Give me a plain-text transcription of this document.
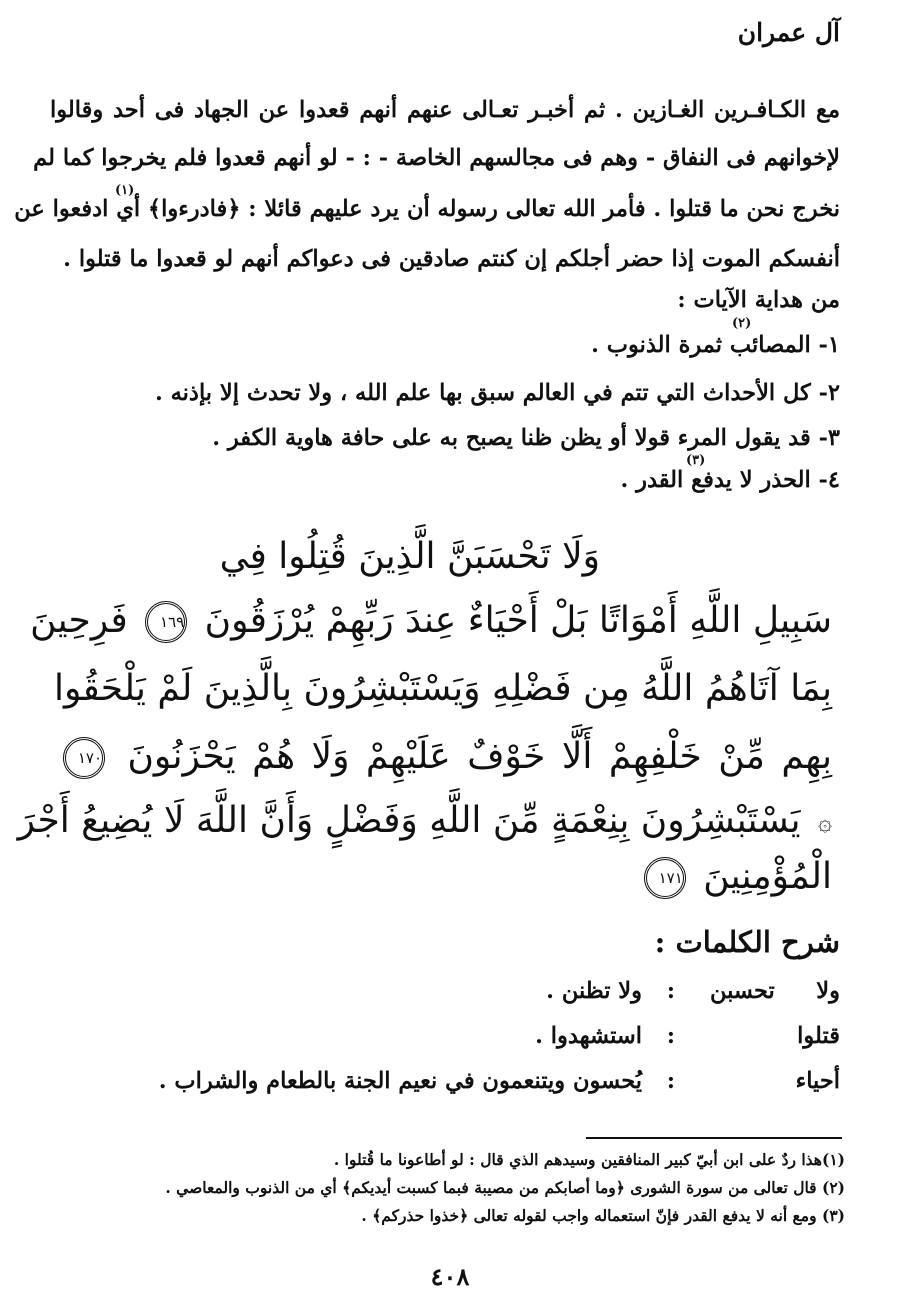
آل عمران
مع الكـافـرين الغـازين . ثم أخبـر تعـالى عنهم أنهم قعدوا عن الجهاد فى أحد وقالوا
لإخوانهم فى النفاق - وهم فى مجالسهم الخاصة - : - لو أنهم قعدوا فلم يخرجوا كما لم
(١)
نخرج نحن ما قتلوا . فأمر الله تعالى رسوله أن يرد عليهم قائلا : ﴿فادرءوا﴾ أي ادفعوا عن
أنفسكم الموت إذا حضر أجلكم إن كنتم صادقين فى دعواكم أنهم لو قعدوا ما قتلوا .
من هداية الآيات :
(٢)
١- المصائب ثمرة الذنوب .
٢- كل الأحداث التي تتم في العالم سبق بها علم الله ، ولا تحدث إلا بإذنه .
٣- قد يقول المرء قولا أو يظن ظنا يصبح به على حافة هاوية الكفر .
(٣)
٤- الحذر لا يدفع القدر .
وَلَا تَحْسَبَنَّ الَّذِينَ قُتِلُوا فِي
سَبِيلِ اللَّهِ أَمْوَاتًا بَلْ أَحْيَاءٌ عِندَ رَبِّهِمْ يُرْزَقُونَ ١٦٩ فَرِحِينَ
بِمَا آتَاهُمُ اللَّهُ مِن فَضْلِهِ وَيَسْتَبْشِرُونَ بِالَّذِينَ لَمْ يَلْحَقُوا
بِهِم مِّنْ خَلْفِهِمْ أَلَّا خَوْفٌ عَلَيْهِمْ وَلَا هُمْ يَحْزَنُونَ ١٧٠
۞ يَسْتَبْشِرُونَ بِنِعْمَةٍ مِّنَ اللَّهِ وَفَضْلٍ وَأَنَّ اللَّهَ لَا يُضِيعُ أَجْرَ
الْمُؤْمِنِينَ ١٧١
شرح الكلمات :
ولا تحسبن
:
ولا تظنن .
قتلوا
:
استشهدوا .
أحياء
:
يُحسون ويتنعمون في نعيم الجنة بالطعام والشراب .
(١)هذا ردٌ على ابن أبيّ كبير المنافقين وسيدهم الذي قال : لو أطاعونا ما قُتلوا .
(٢) قال تعالى من سورة الشورى ﴿وما أصابكم من مصيبة فبما كسبت أيديكم﴾ أي من الذنوب والمعاصي .
(٣) ومع أنه لا يدفع القدر فإنّ استعماله واجب لقوله تعالى ﴿خذوا حذركم﴾ .
٤٠٨
